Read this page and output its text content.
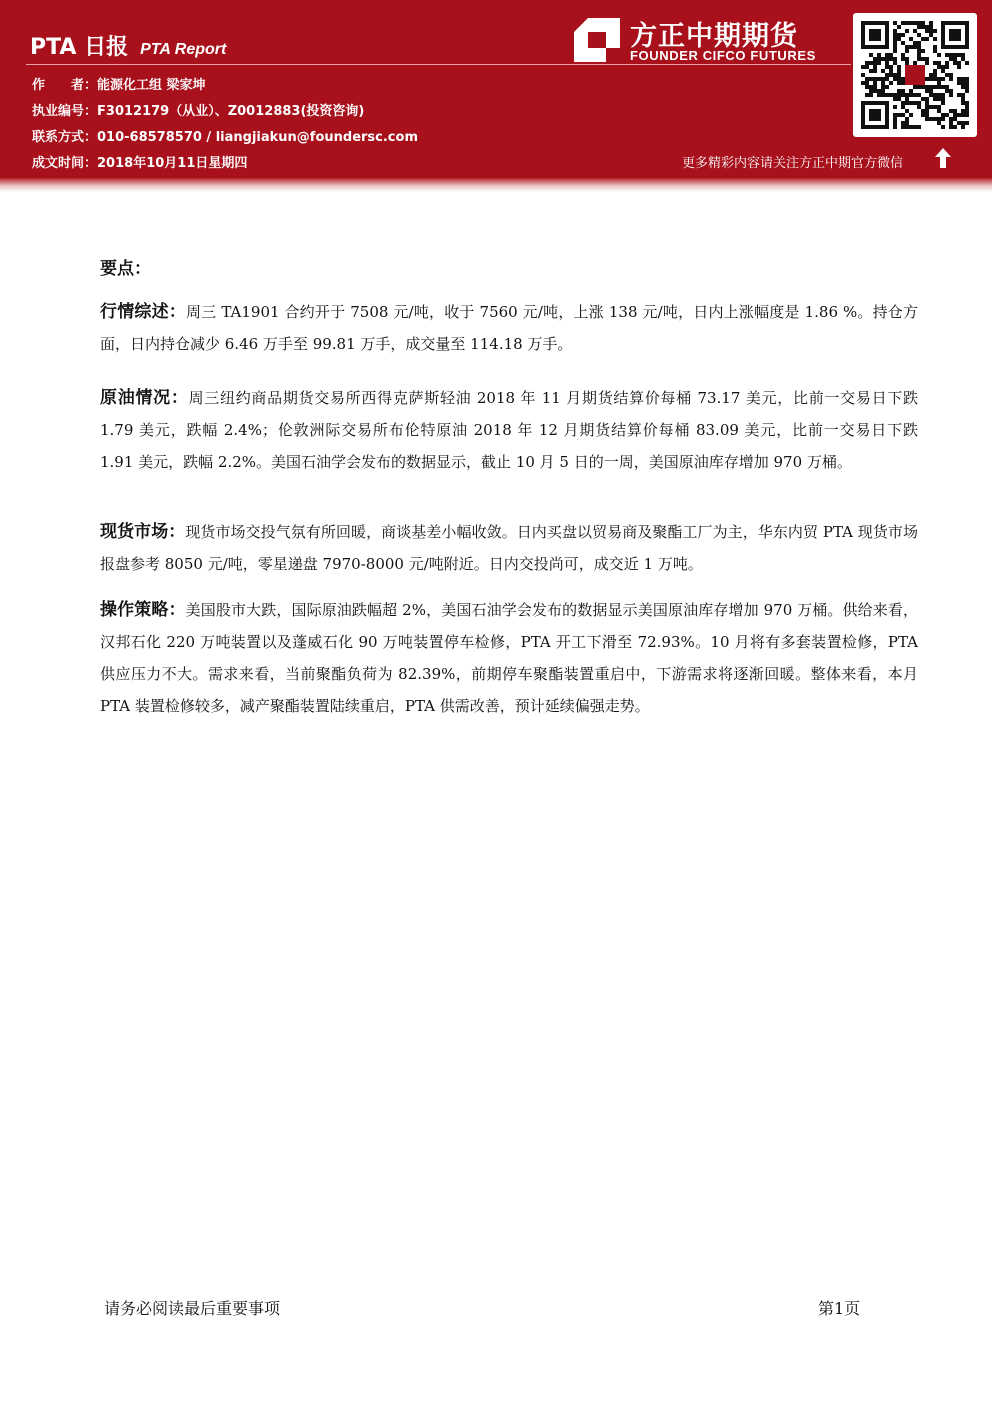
PTA 日报 PTA Report
作　　者：能源化工组 梁家坤
执业编号：F3012179（从业）、Z0012883(投资咨询)
联系方式：010-68578570 / liangjiakun@foundersc.com
成文时间：2018年10月11日星期四
方正中期期货
FOUNDER CIFCO FUTURES
更多精彩内容请关注方正中期官方微信
要点：
行情综述：周三 TA1901 合约开于 7508 元/吨，收于 7560 元/吨，上涨 138 元/吨，日内上涨幅度是 1.86 %。持仓方面，日内持仓减少 6.46 万手至 99.81 万手，成交量至 114.18 万手。
原油情况：周三纽约商品期货交易所西得克萨斯轻油 2018 年 11 月期货结算价每桶 73.17 美元，比前一交易日下跌 1.79 美元，跌幅 2.4%；伦敦洲际交易所布伦特原油 2018 年 12 月期货结算价每桶 83.09 美元，比前一交易日下跌 1.91 美元，跌幅 2.2%。美国石油学会发布的数据显示，截止 10 月 5 日的一周，美国原油库存增加 970 万桶。
现货市场：现货市场交投气氛有所回暖，商谈基差小幅收敛。日内买盘以贸易商及聚酯工厂为主，华东内贸 PTA 现货市场报盘参考 8050 元/吨，零星递盘 7970-8000 元/吨附近。日内交投尚可，成交近 1 万吨。
操作策略：美国股市大跌，国际原油跌幅超 2%，美国石油学会发布的数据显示美国原油库存增加 970 万桶。供给来看，汉邦石化 220 万吨装置以及蓬威石化 90 万吨装置停车检修，PTA 开工下滑至 72.93%。10 月将有多套装置检修，PTA 供应压力不大。需求来看，当前聚酯负荷为 82.39%，前期停车聚酯装置重启中，下游需求将逐渐回暖。整体来看，本月 PTA 装置检修较多，减产聚酯装置陆续重启，PTA 供需改善，预计延续偏强走势。
请务必阅读最后重要事项	第1页
